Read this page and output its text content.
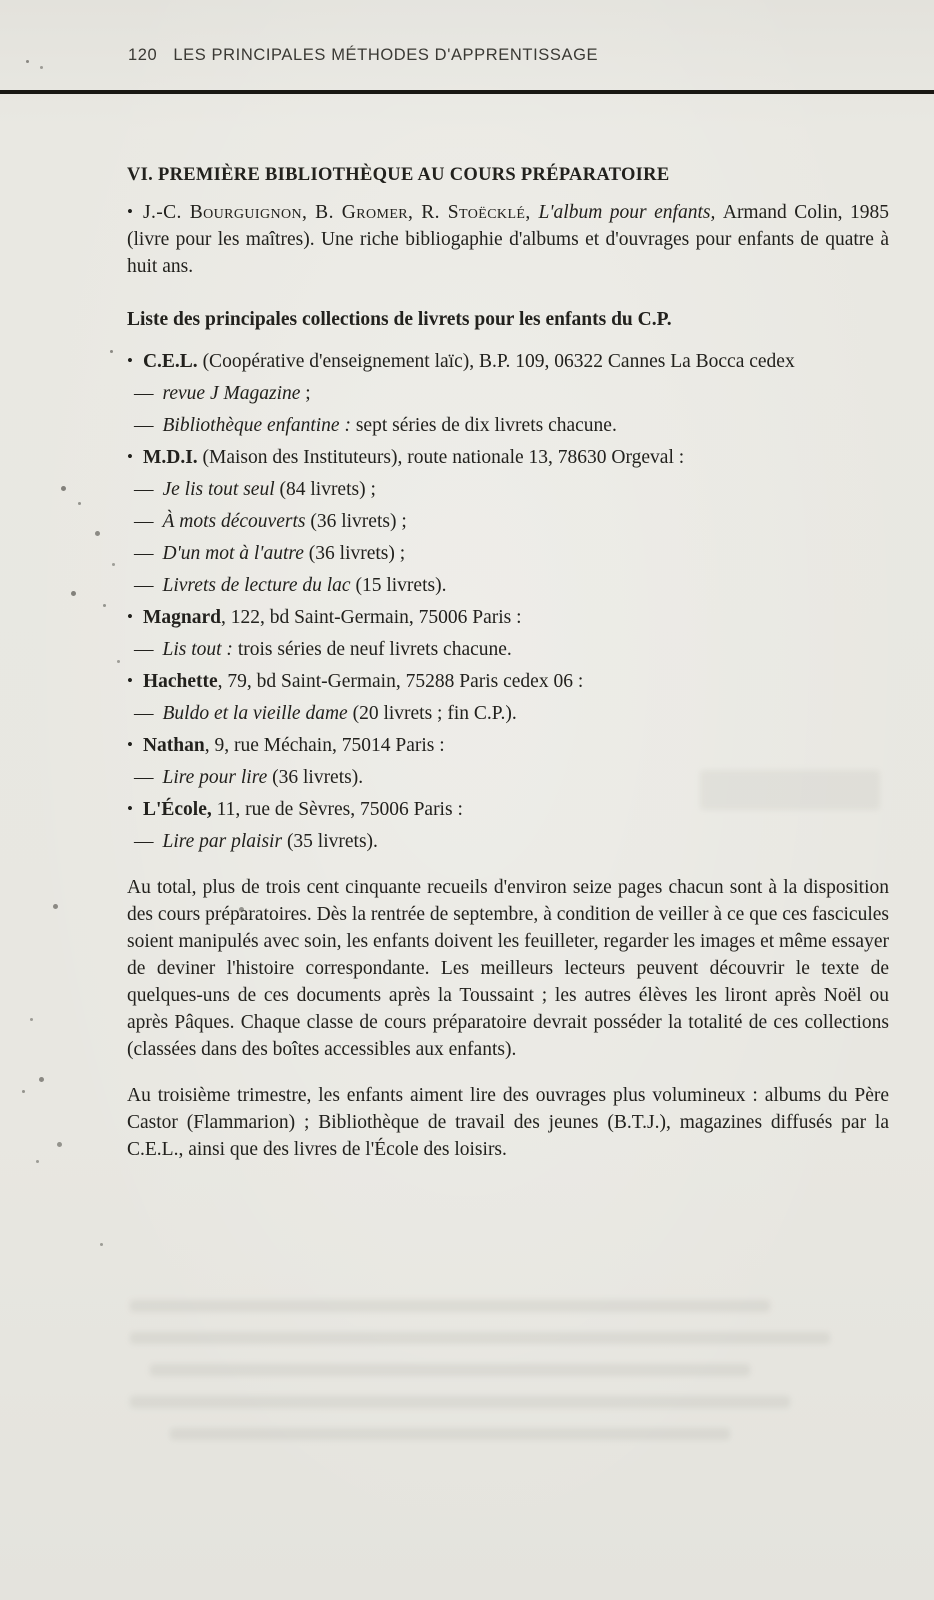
120 LES PRINCIPALES MÉTHODES D'APPRENTISSAGE
VI. PREMIÈRE BIBLIOTHÈQUE AU COURS PRÉPARATOIRE

• J.-C. Bourguignon, B. Gromer, R. Stoëcklé, L'album pour enfants, Armand Colin, 1985 (livre pour les maîtres). Une riche bibliogaphie d'albums et d'ouvrages pour enfants de quatre à huit ans.

Liste des principales collections de livrets pour les enfants du C.P.

• C.E.L. (Coopérative d'enseignement laïc), B.P. 109, 06322 Cannes La Bocca cedex

— revue J Magazine ;

— Bibliothèque enfantine : sept séries de dix livrets chacune.

• M.D.I. (Maison des Instituteurs), route nationale 13, 78630 Orgeval :

— Je lis tout seul (84 livrets) ;

— À mots découverts (36 livrets) ;

— D'un mot à l'autre (36 livrets) ;

— Livrets de lecture du lac (15 livrets).

• Magnard, 122, bd Saint-Germain, 75006 Paris :

— Lis tout : trois séries de neuf livrets chacune.

• Hachette, 79, bd Saint-Germain, 75288 Paris cedex 06 :

— Buldo et la vieille dame (20 livrets ; fin C.P.).

• Nathan, 9, rue Méchain, 75014 Paris :

— Lire pour lire (36 livrets).

• L'École, 11, rue de Sèvres, 75006 Paris :

— Lire par plaisir (35 livrets).

Au total, plus de trois cent cinquante recueils d'environ seize pages chacun sont à la disposition des cours préparatoires. Dès la rentrée de septembre, à condition de veiller à ce que ces fascicules soient manipulés avec soin, les enfants doivent les feuilleter, regarder les images et même essayer de deviner l'histoire correspondante. Les meilleurs lecteurs peuvent découvrir le texte de quelques-uns de ces documents après la Toussaint ; les autres élèves les liront après Noël ou après Pâques. Chaque classe de cours préparatoire devrait posséder la totalité de ces collections (classées dans des boîtes accessibles aux enfants).

Au troisième trimestre, les enfants aiment lire des ouvrages plus volumineux : albums du Père Castor (Flammarion) ; Bibliothèque de travail des jeunes (B.T.J.), magazines diffusés par la C.E.L., ainsi que des livres de l'École des loisirs.
